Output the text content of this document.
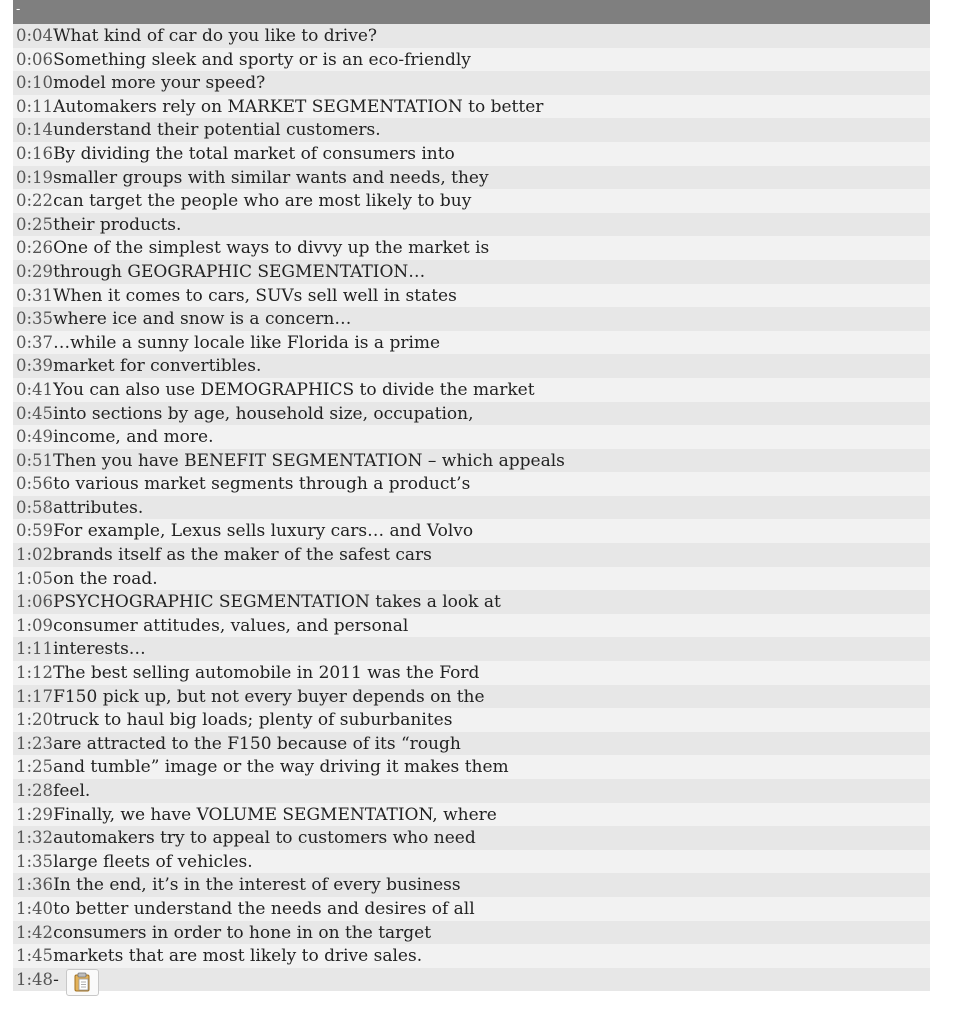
-
0:04What kind of car do you like to drive?
0:06Something sleek and sporty or is an eco-friendly
0:10model more your speed?
0:11Automakers rely on MARKET SEGMENTATION to better
0:14understand their potential customers.
0:16By dividing the total market of consumers into
0:19smaller groups with similar wants and needs, they
0:22can target the people who are most likely to buy
0:25their products.
0:26One of the simplest ways to divvy up the market is
0:29through GEOGRAPHIC SEGMENTATION…
0:31When it comes to cars, SUVs sell well in states
0:35where ice and snow is a concern…
0:37…while a sunny locale like Florida is a prime
0:39market for convertibles.
0:41You can also use DEMOGRAPHICS to divide the market
0:45into sections by age, household size, occupation,
0:49income, and more.
0:51Then you have BENEFIT SEGMENTATION – which appeals
0:56to various market segments through a product’s
0:58attributes.
0:59For example, Lexus sells luxury cars… and Volvo
1:02brands itself as the maker of the safest cars
1:05on the road.
1:06PSYCHOGRAPHIC SEGMENTATION takes a look at
1:09consumer attitudes, values, and personal
1:11interests…
1:12The best selling automobile in 2011 was the Ford
1:17F150 pick up, but not every buyer depends on the
1:20truck to haul big loads; plenty of suburbanites
1:23are attracted to the F150 because of its “rough
1:25and tumble” image or the way driving it makes them
1:28feel.
1:29Finally, we have VOLUME SEGMENTATION, where
1:32automakers try to appeal to customers who need
1:35large fleets of vehicles.
1:36In the end, it’s in the interest of every business
1:40to better understand the needs and desires of all
1:42consumers in order to hone in on the target
1:45markets that are most likely to drive sales.
1:48-
